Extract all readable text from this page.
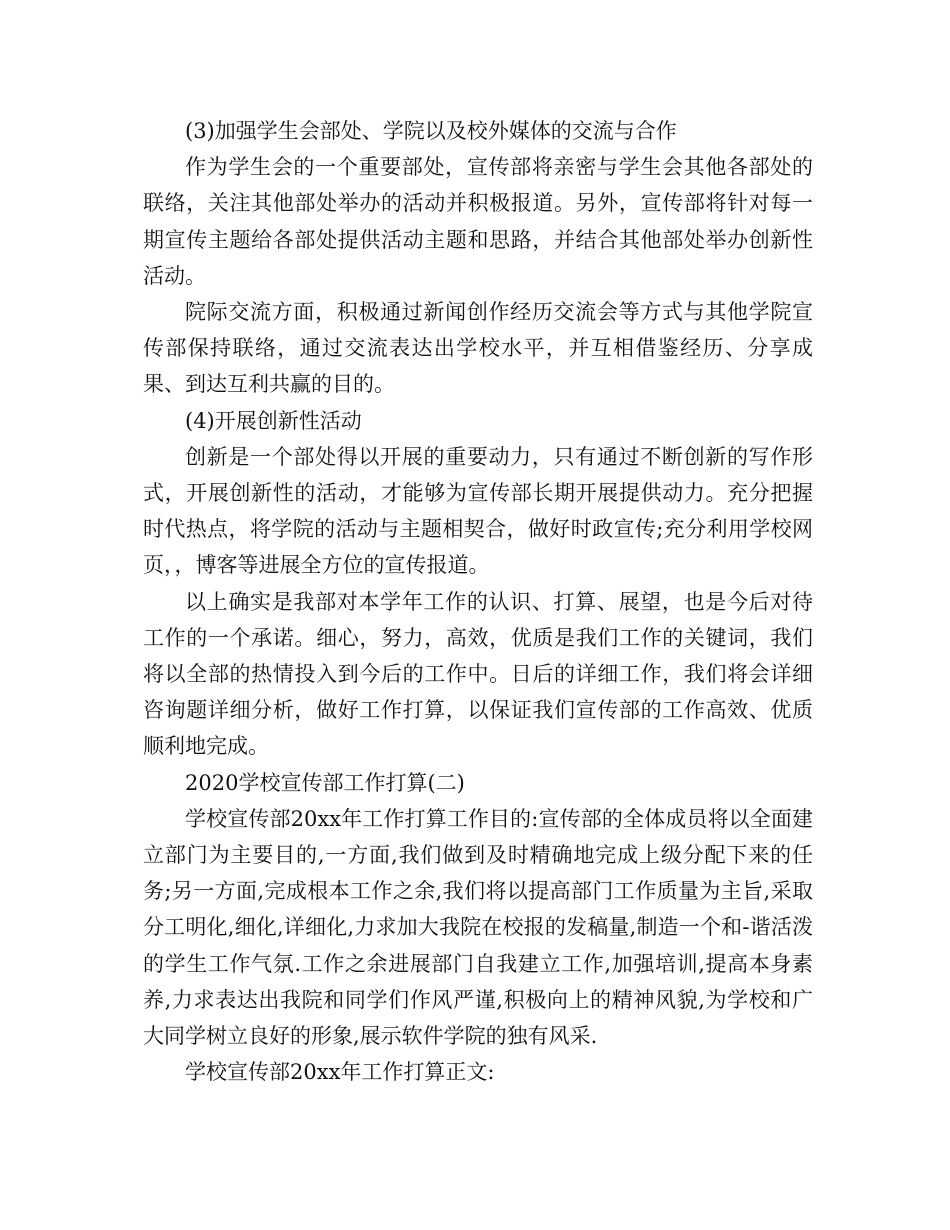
(3)加强学生会部处、学院以及校外媒体的交流与合作

作为学生会的一个重要部处，宣传部将亲密与学生会其他各部处的联络，关注其他部处举办的活动并积极报道。另外，宣传部将针对每一期宣传主题给各部处提供活动主题和思路，并结合其他部处举办创新性活动。

院际交流方面，积极通过新闻创作经历交流会等方式与其他学院宣传部保持联络，通过交流表达出学校水平，并互相借鉴经历、分享成果、到达互利共赢的目的。

(4)开展创新性活动

创新是一个部处得以开展的重要动力，只有通过不断创新的写作形式，开展创新性的活动，才能够为宣传部长期开展提供动力。充分把握时代热点，将学院的活动与主题相契合，做好时政宣传;充分利用学校网页，，博客等进展全方位的宣传报道。

以上确实是我部对本学年工作的认识、打算、展望，也是今后对待工作的一个承诺。细心，努力，高效，优质是我们工作的关键词，我们将以全部的热情投入到今后的工作中。日后的详细工作，我们将会详细咨询题详细分析，做好工作打算，以保证我们宣传部的工作高效、优质顺利地完成。

2020学校宣传部工作打算(二)

学校宣传部20xx年工作打算工作目的:宣传部的全体成员将以全面建立部门为主要目的,一方面,我们做到及时精确地完成上级分配下来的任务;另一方面,完成根本工作之余,我们将以提高部门工作质量为主旨,采取分工明化,细化,详细化,力求加大我院在校报的发稿量,制造一个和-谐活泼的学生工作气氛.工作之余进展部门自我建立工作,加强培训,提高本身素养,力求表达出我院和同学们作风严谨,积极向上的精神风貌,为学校和广大同学树立良好的形象,展示软件学院的独有风采.

学校宣传部20xx年工作打算正文:
